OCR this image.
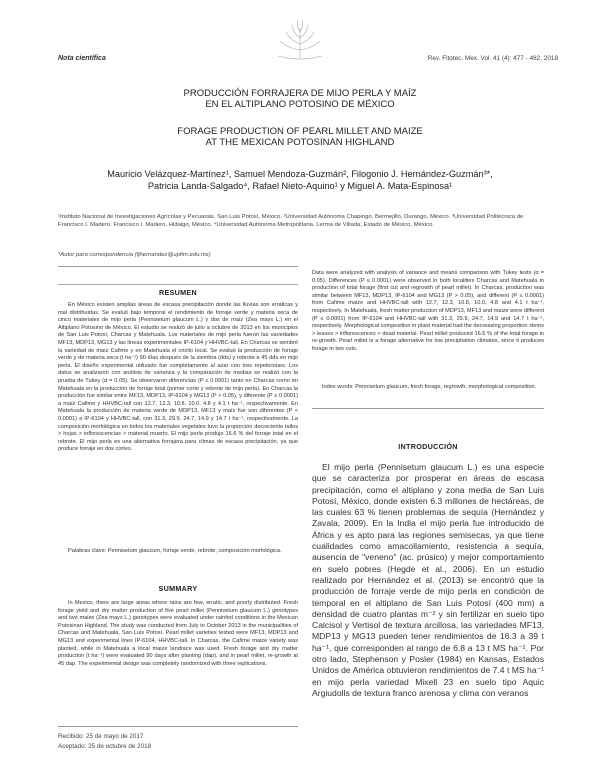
Nota científica	Rev. Fitotec. Mex. Vol. 41 (4): 477 - 482, 2018
PRODUCCIÓN FORRAJERA DE MIJO PERLA Y MAÍZ
EN EL ALTIPLANO POTOSINO DE MÉXICO
FORAGE PRODUCTION OF PEARL MILLET AND MAIZE
AT THE MEXICAN POTOSINAN HIGHLAND
Mauricio Velázquez-Martínez¹, Samuel Mendoza-Guzmán², Filogonio J. Hernández-Guzmán³*,
Patricia Landa-Salgado⁴, Rafael Nieto-Aquino¹ y Miguel A. Mata-Espinosa¹
¹Instituto Nacional de Investigaciones Agrícolas y Pecuarias. San Luis Potosí, México. ²Universidad Autónoma Chapingo. Bermejillo, Durango, México. ³Universidad Politécnica de Francisco I. Madero. Francisco I. Madero, Hidalgo, México. ⁴Universidad Autónoma Metropolitana. Lerma de Villada, Estado de México, México.
*Autor para correspondencia (fjhernandez@upfim.edu.mx)
RESUMEN
En México existen amplias áreas de escasa precipitación donde las lluvias son erráticas y mal distribuidas. Se evaluó bajo temporal el rendimiento de forraje verde y materia seca de cinco materiales de mijo perla (Pennisetum glaucum L.) y dos de maíz (Zea mays L.) en el Altiplano Potosino de México. El estudio se realizó de julio a octubre de 2013 en los municipios de San Luis Potosí, Charcas y Matehuala. Los materiales de mijo perla fueron las variedades MF13, MDP13, MG13 y las líneas experimentales IP-6104 y HHVBC-tall. En Charcas se sembró la variedad de maíz Cafime y en Matehuala el criollo local. Se evaluó la producción de forraje verde y de materia seca (t ha⁻¹) 90 días después de la siembra (dds) y rebrote a 45 dds en mijo perla. El diseño experimental utilizado fue completamente al azar con tres repeticiones. Los datos se analizaron con análisis de varianza y la comparación de medias se realizó con la prueba de Tukey (α = 0.05). Se observaron diferencias (P ≤ 0.0001) tanto en Charcas como en Matehuala en la producción de forraje total (primer corte y rebrote de mijo perla). En Charcas la producción fue similar entre MF13, MDP13, IP-6104 y MG13 (P > 0.05), y diferente (P ≤ 0.0001) a maíz Cafime y HHVBC-tall con 12.7, 12.3, 10.8, 10.0, 4.8 y 4.1 t ha⁻¹, respectivamente. En Matehuala la producción de materia verde de MDP13, MF13 y maíz fue son diferentes (P < 0.0001) a IP-6104 y HHVBC-tall, con 31.3, 29.9, 24.7, 14.9 y 14.7 t ha⁻¹, respectivamente. La composición morfológica en todos los materiales vegetales tuvo la proporción decreciente tallos > hojas > inflorescencias > material muerto. El mijo perla produjo 16.6 % del forraje total en el rebrote. El mijo perla es una alternativa forrajera para climas de escasa precipitación, ya que produce forraje en dos cortes.
Palabras clave: Pennisetum glaucum, forraje verde, rebrote, composición morfológica.
SUMMARY
In Mexico, there are large areas where rains are few, erratic, and poorly distributed. Fresh forage yield and dry matter production of five pearl millet (Pennisetum glaucum L.) genotypes and two maize (Zea mays L.) genotypes were evaluated under rainfed conditions in the Mexican Potosinan Highland. The study was conducted from July to October 2013 in the municipalities of Charcas and Matehuala, San Luis Potosí. Pearl millet varieties tested were MF13, MDP13 and MG13 and experimental lines IP-6104, HHVBC-tall. In Charcas, the Cafime maize variety was planted, while in Matehuala a local maize landrace was used. Fresh forage and dry matter production (t ha⁻¹) were evaluated 90 days after planting (dap), and in pearl millet, re-growth at 45 dap. The experimental design was completely randomized with three replications.
Recibido: 25 de mayo de 2017
Aceptado: 25 de octubre de 2018
Data were analyzed with analysis of variance and means comparison with Tukey tests (α = 0.05). Differences (P ≤ 0.0001) were observed in both localities Charcas and Matehuala in production of total forage (first cut and regrowth of pearl millet). In Charcas, production was similar between MF13, MDP13, IP-6104 and MG13 (P > 0.05), and different (P ≤ 0.0001) from Cafime maize and HHVBC-tall with 12.7, 12.3, 10.8, 10.0, 4.8 and 4.1 t ha⁻¹, respectively. In Matehuala, fresh matter production of MDP13, MF13 and maize were different (P ≤ 0.0001) from IP-6104 and HHVBC-tall with 31.3, 29.9, 24.7, 14.9 and 14.7 t ha⁻¹, respectively. Morphological composition in plant material had the decreasing proportion stems > leaves > inflorescences > dead material. Pearl millet produced 16.6 % of the total forage in re-growth. Pearl millet is a forage alternative for low precipitation climates, since it produces forage in two cuts.
Index words: Pennisetum glaucum, fresh forage, regrowth, morphological composition.
INTRODUCCIÓN
El mijo perla (Pennisetum glaucum L.) es una especie que se caracteriza por prosperar en áreas de escasa precipitación, como el altiplano y zona media de San Luis Potosí, México, donde existen 6.3 millones de hectáreas, de las cuales 63 % tienen problemas de sequía (Hernández y Zavala, 2009). En la India el mijo perla fue introducido de África y es apto para las regiones semisecas, ya que tiene cualidades como amacollamiento, resistencia a sequía, ausencia de "veneno" (ac. prúsico) y mejor comportamiento en suelo pobres (Hegde et al., 2006). En un estudio realizado por Hernández et al. (2013) se encontró que la producción de forraje verde de mijo perla en condición de temporal en el altiplano de San Luis Potosí (400 mm) a densidad de cuatro plantas m⁻² y sin fertilizar en suelo tipo Calcisol y Vertisol de textura arcillosa, las variedades MF13, MDP13 y MG13 pueden tener rendimientos de 16.3 a 39 t ha⁻¹, que corresponden al rango de 6.8 a 13 t MS ha⁻¹. Por otro lado, Stephenson y Posler (1984) en Kansas, Estados Unidos de América obtuvieron rendimientos de 7.4 t MS ha⁻¹ en mijo perla variedad Mixell 23 en suelo tipo Aquic Argiudolls de textura franco arenosa y clima con veranos
